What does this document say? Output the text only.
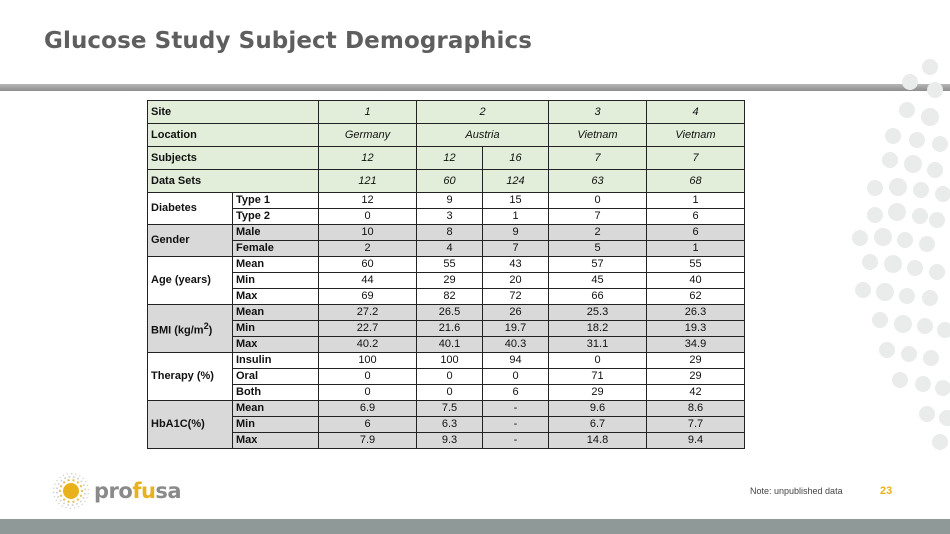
Glucose Study Subject Demographics
Site		1	2		3	4
Location		Germany	Austria		Vietnam	Vietnam
Subjects		12	12	16	7	7
Data Sets		121	60	124	63	68
Diabetes	Type 1	12	9	15	0	1
	Type 2	0	3	1	7	6
Gender	Male	10	8	9	2	6
	Female	2	4	7	5	1
Age (years)	Mean	60	55	43	57	55
	Min	44	29	20	45	40
	Max	69	82	72	66	62
BMI $(kg/m^2)$	Mean	27.2	26.5	26	25.3	26.3
	Min	22.7	21.6	19.7	18.2	19.3
	Max	40.2	40.1	40.3	31.1	34.9
Therapy (%)	Insulin	100	100	94	0	29
	Oral	0	0	0	71	29
	Both	0	0	6	29	42
HbA1C(%)	Mean	6.9	7.5	-	9.6	8.6
	Min	6	6.3	-	6.7	7.7
	Max	7.9	9.3	-	14.8	9.4
profusa	Note: unpublished data	23
